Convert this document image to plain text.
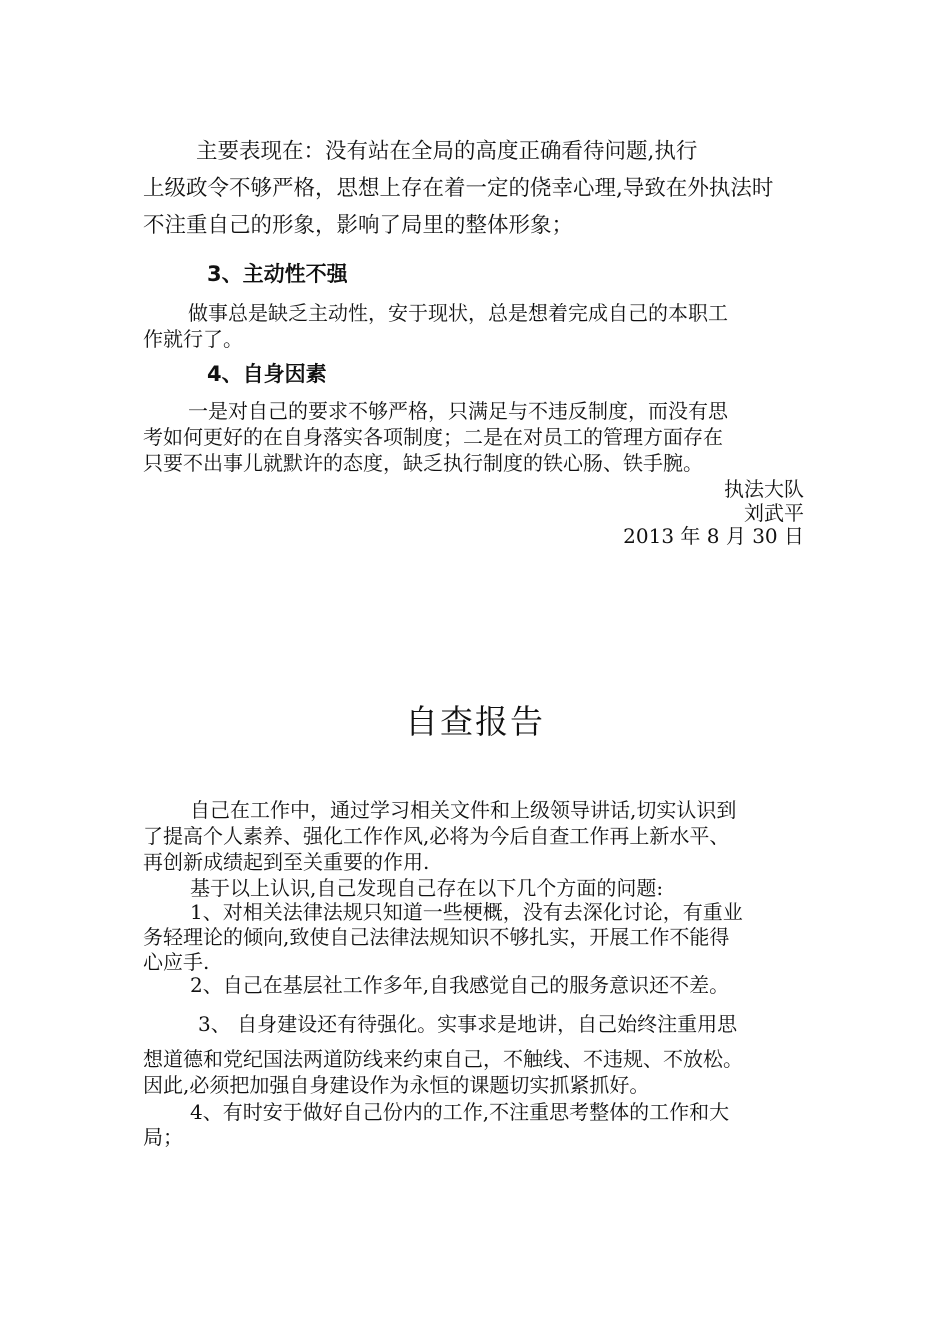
主要表现在：没有站在全局的高度正确看待问题,执行
上级政令不够严格，思想上存在着一定的侥幸心理,导致在外执法时
不注重自己的形象，影响了局里的整体形象；
3、主动性不强
做事总是缺乏主动性，安于现状，总是想着完成自己的本职工
作就行了。
4、自身因素
一是对自己的要求不够严格，只满足与不违反制度，而没有思
考如何更好的在自身落实各项制度；二是在对员工的管理方面存在
只要不出事儿就默许的态度，缺乏执行制度的铁心肠、铁手腕。
执法大队
刘武平
2013 年 8 月 30 日
自查报告
自己在工作中，通过学习相关文件和上级领导讲话,切实认识到
了提高个人素养、强化工作作风,必将为今后自查工作再上新水平、
再创新成绩起到至关重要的作用.
基于以上认识,自己发现自己存在以下几个方面的问题:
1、对相关法律法规只知道一些梗概，没有去深化讨论，有重业
务轻理论的倾向,致使自己法律法规知识不够扎实，开展工作不能得
心应手.
2、自己在基层社工作多年,自我感觉自己的服务意识还不差。
3、 自身建设还有待强化。实事求是地讲，自己始终注重用思
想道德和党纪国法两道防线来约束自己，不触线、不违规、不放松。
因此,必须把加强自身建设作为永恒的课题切实抓紧抓好。
4、有时安于做好自己份内的工作,不注重思考整体的工作和大
局；
